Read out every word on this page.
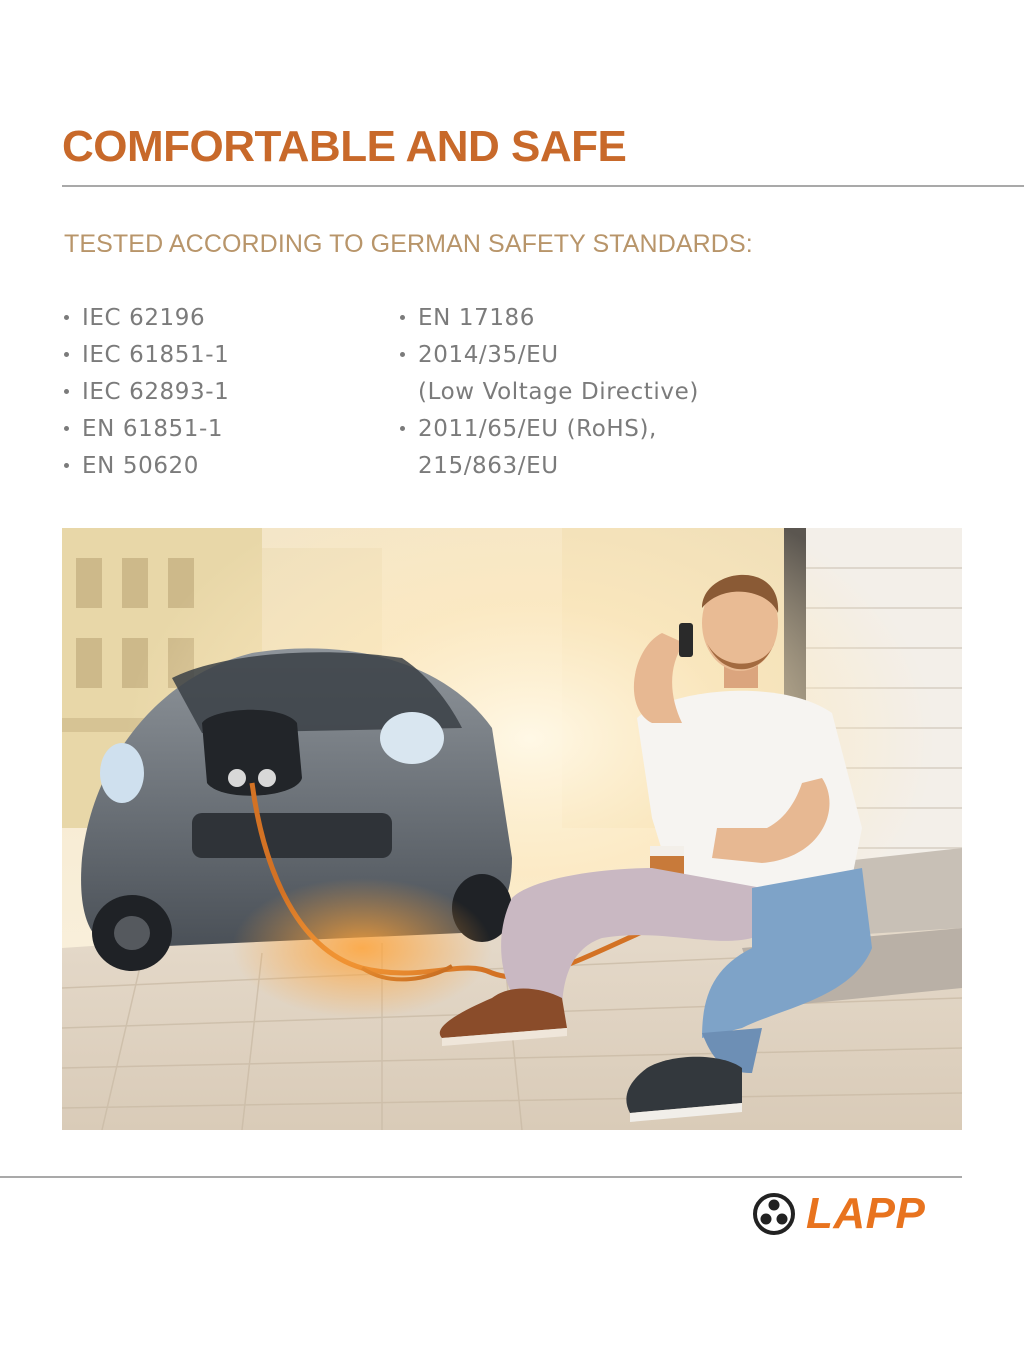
COMFORTABLE AND SAFE
TESTED ACCORDING TO GERMAN SAFETY STANDARDS:
IEC 62196
IEC 61851-1
IEC 62893-1
EN 61851-1
EN 50620
EN 17186
2014/35/EU
(Low Voltage Directive)
2011/65/EU (RoHS),
215/863/EU
LAPP
